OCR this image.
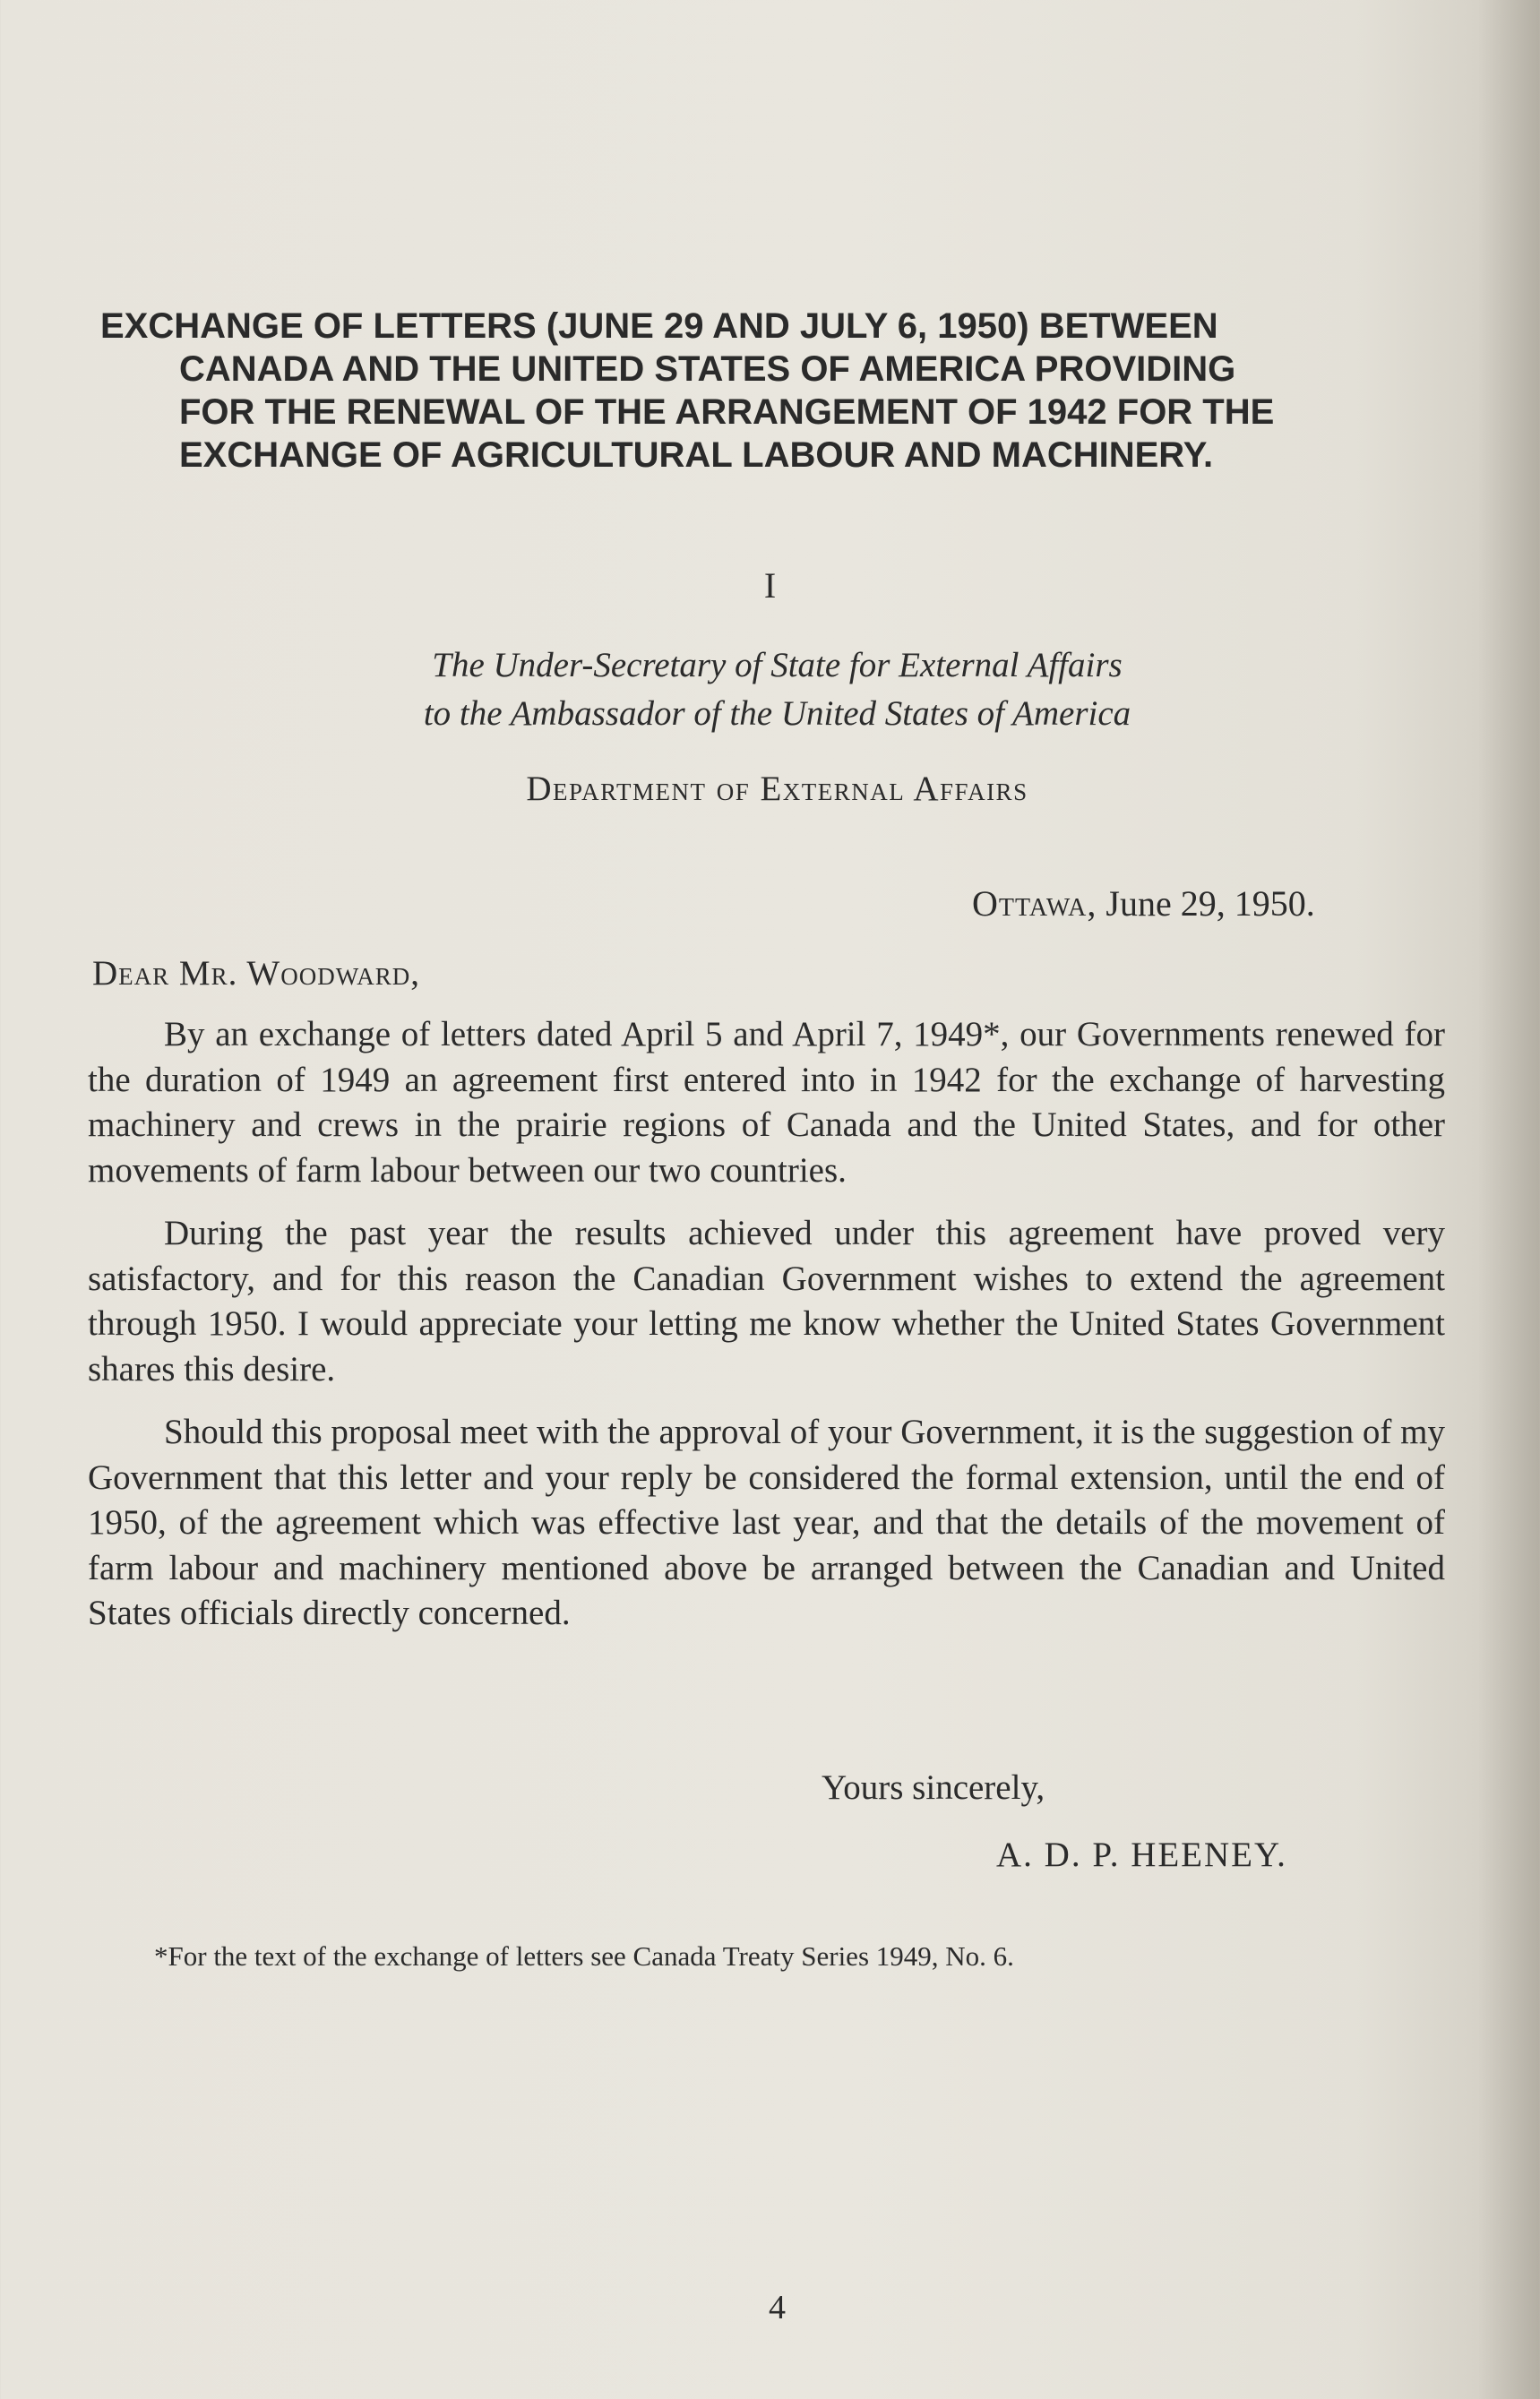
EXCHANGE OF LETTERS (JUNE 29 AND JULY 6, 1950) BETWEEN
CANADA AND THE UNITED STATES OF AMERICA PROVIDING
FOR THE RENEWAL OF THE ARRANGEMENT OF 1942 FOR THE
EXCHANGE OF AGRICULTURAL LABOUR AND MACHINERY.
I
The Under-Secretary of State for External Affairs
to the Ambassador of the United States of America
Department of External Affairs
Ottawa, June 29, 1950.
Dear Mr. Woodward,

By an exchange of letters dated April 5 and April 7, 1949*, our Governments renewed for the duration of 1949 an agreement first entered into in 1942 for the exchange of harvesting machinery and crews in the prairie regions of Canada and the United States, and for other movements of farm labour between our two countries.

During the past year the results achieved under this agreement have proved very satisfactory, and for this reason the Canadian Government wishes to extend the agreement through 1950. I would appreciate your letting me know whether the United States Government shares this desire.

Should this proposal meet with the approval of your Government, it is the suggestion of my Government that this letter and your reply be considered the formal extension, until the end of 1950, of the agreement which was effective last year, and that the details of the movement of farm labour and machinery mentioned above be arranged between the Canadian and United States officials directly concerned.

Yours sincerely,
A. D. P. HEENEY.
*For the text of the exchange of letters see Canada Treaty Series 1949, No. 6.
4
